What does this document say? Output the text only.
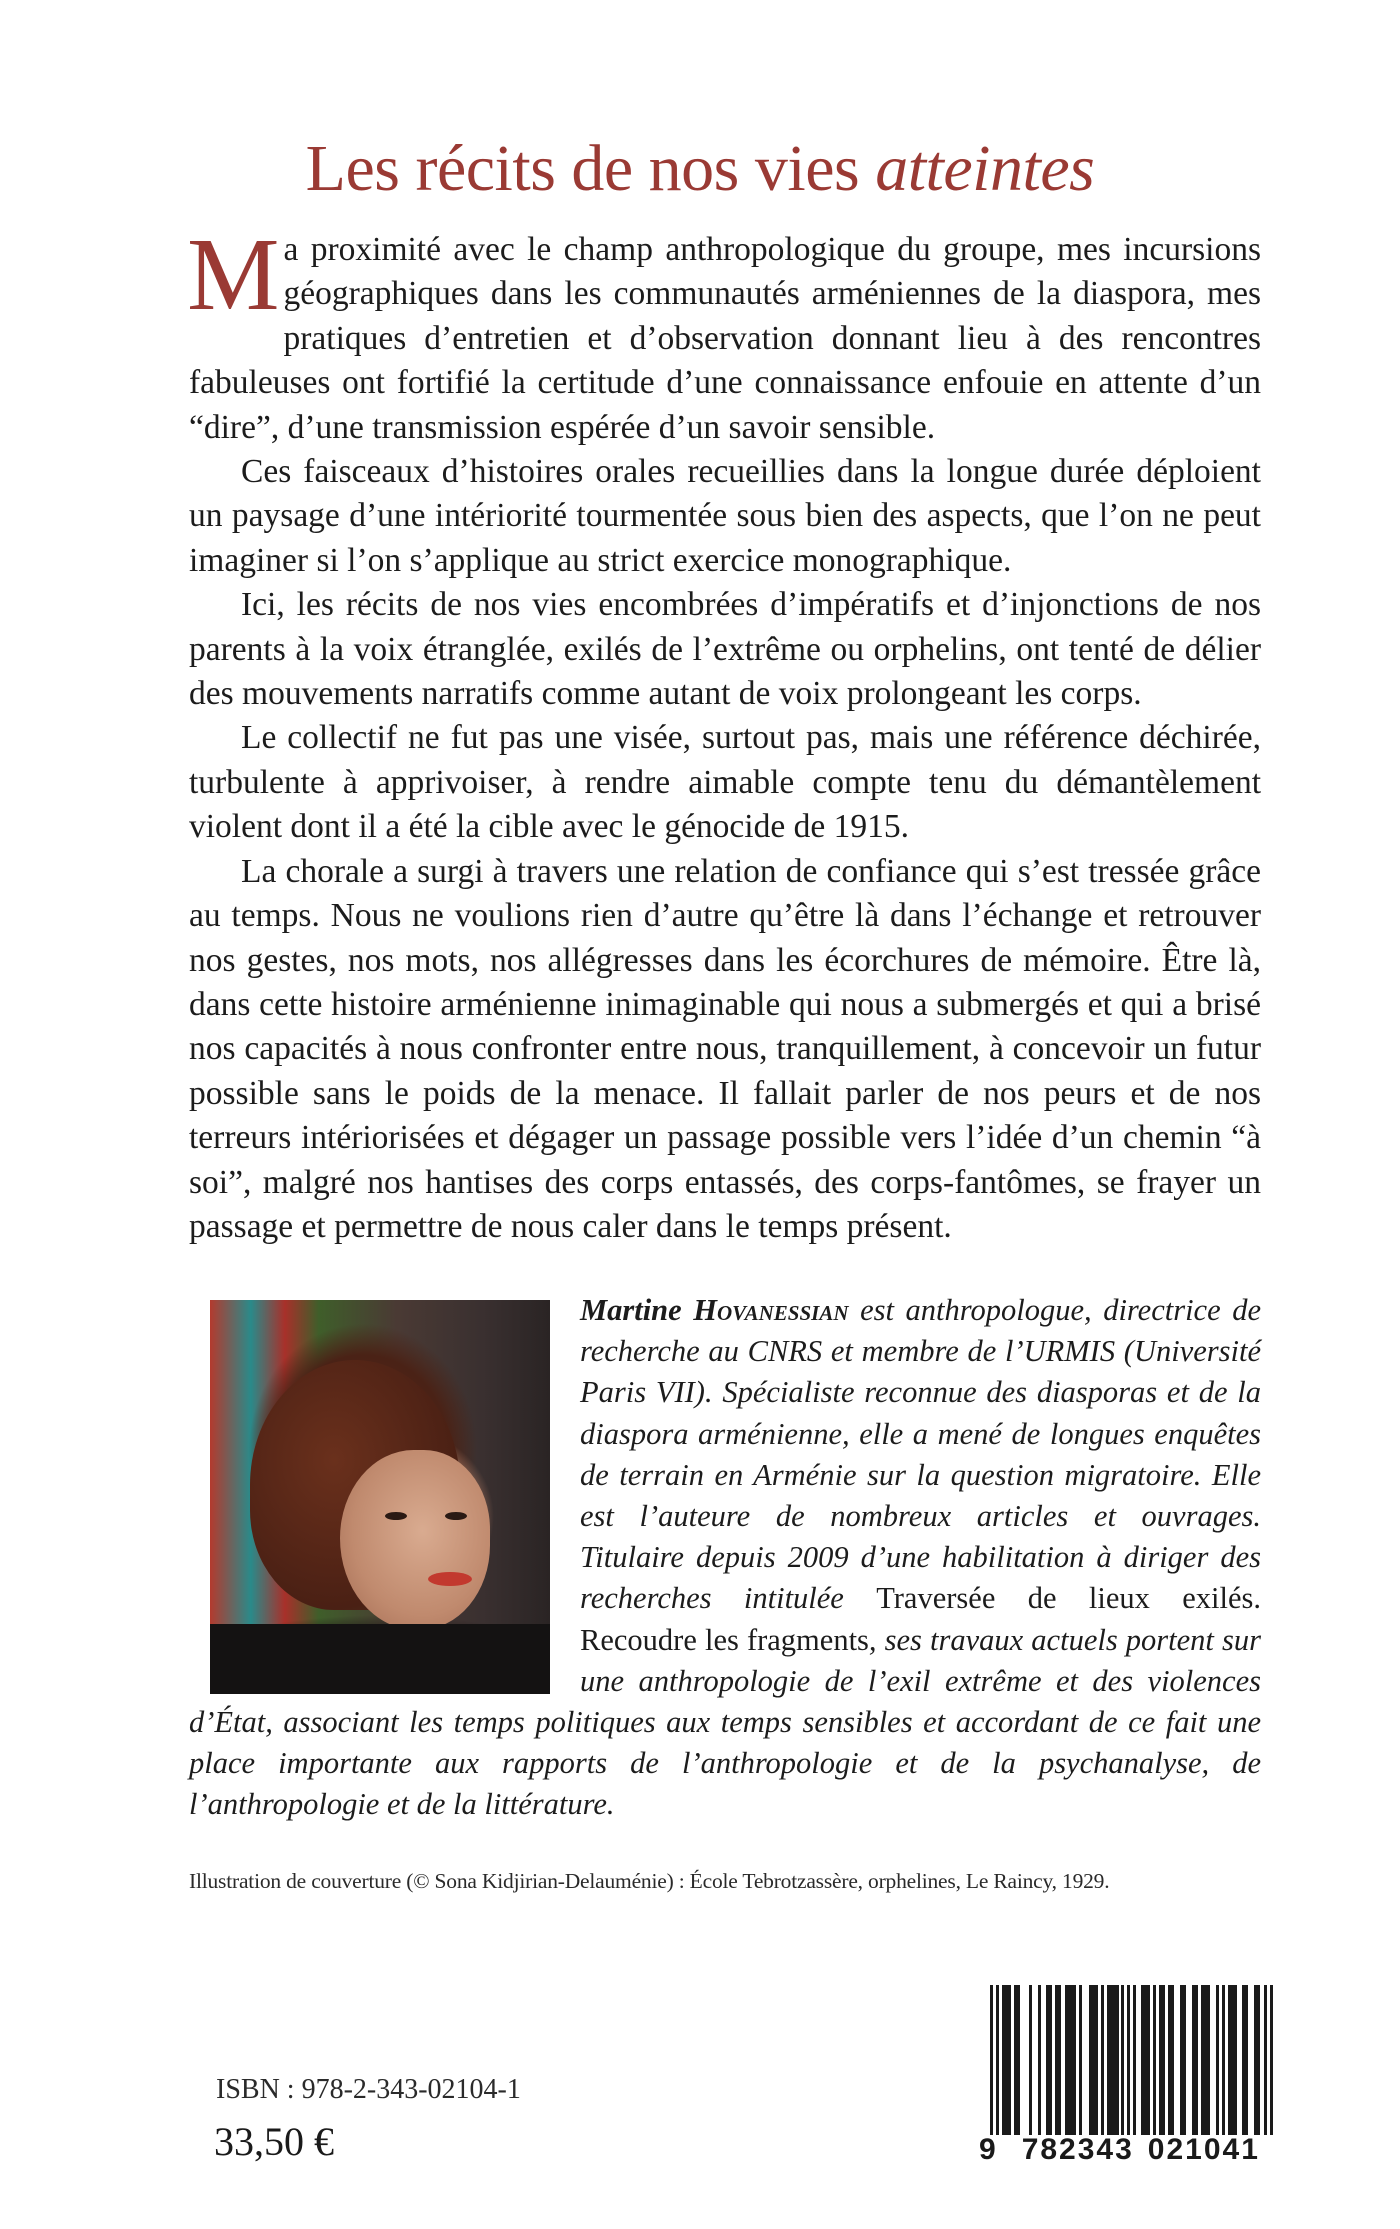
Les récits de nos vies atteintes

Ma proximité avec le champ anthropologique du groupe, mes incursions géographiques dans les communautés arméniennes de la diaspora, mes pratiques d’entretien et d’observation donnant lieu à des rencontres fabuleuses ont fortifié la certitude d’une connaissance enfouie en attente d’un “dire”, d’une transmission espérée d’un savoir sensible.

Ces faisceaux d’histoires orales recueillies dans la longue durée déploient un paysage d’une intériorité tourmentée sous bien des aspects, que l’on ne peut imaginer si l’on s’applique au strict exercice monographique.

Ici, les récits de nos vies encombrées d’impératifs et d’injonctions de nos parents à la voix étranglée, exilés de l’extrême ou orphelins, ont tenté de délier des mouvements narratifs comme autant de voix prolongeant les corps.

Le collectif ne fut pas une visée, surtout pas, mais une référence déchirée, turbulente à apprivoiser, à rendre aimable compte tenu du démantèlement violent dont il a été la cible avec le génocide de 1915.

La chorale a surgi à travers une relation de confiance qui s’est tressée grâce au temps. Nous ne voulions rien d’autre qu’être là dans l’échange et retrouver nos gestes, nos mots, nos allégresses dans les écorchures de mémoire. Être là, dans cette histoire arménienne inimaginable qui nous a submergés et qui a brisé nos capacités à nous confronter entre nous, tranquillement, à concevoir un futur possible sans le poids de la menace. Il fallait parler de nos peurs et de nos terreurs intériorisées et dégager un passage possible vers l’idée d’un chemin “à soi”, malgré nos hantises des corps entassés, des corps-fantômes, se frayer un passage et permettre de nous caler dans le temps présent.

Martine Hovanessian est anthropologue, directrice de recherche au CNRS et membre de l’URMIS (Université Paris VII). Spécialiste reconnue des diasporas et de la diaspora arménienne, elle a mené de longues enquêtes de terrain en Arménie sur la question migratoire. Elle est l’auteure de nombreux articles et ouvrages. Titulaire depuis 2009 d’une habilitation à diriger des recherches intitulée Traversée de lieux exilés. Recoudre les fragments, ses travaux actuels portent sur une anthropologie de l’exil extrême et des violences d’État, associant les temps politiques aux temps sensibles et accordant de ce fait une place importante aux rapports de l’anthropologie et de la psychanalyse, de l’anthropologie et de la littérature.
Illustration de couverture (© Sona Kidjirian-Delauménie) : École Tebrotzassère, orphelines, Le Raincy, 1929.
ISBN : 978-2-343-02104-1
33,50 €	9 782343 021041
